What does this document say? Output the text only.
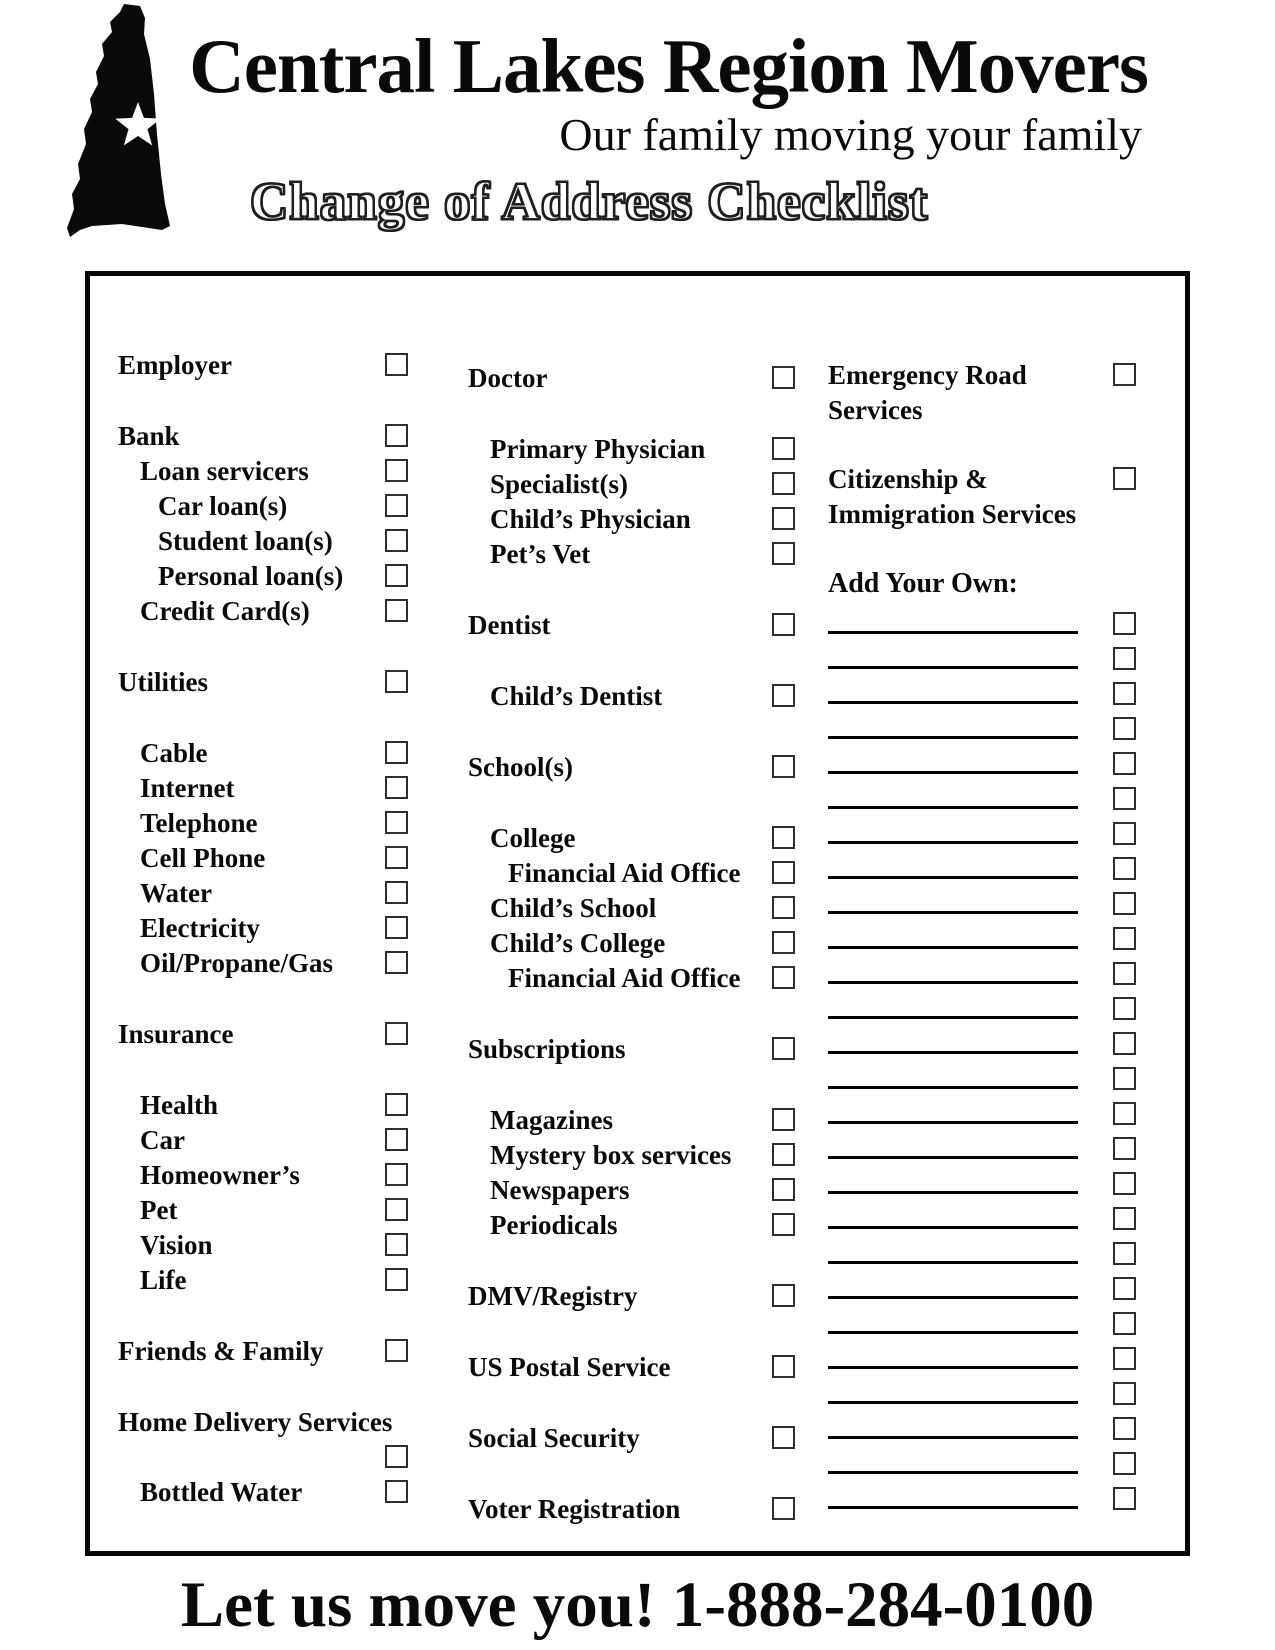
Central Lakes Region Movers
Our family moving your family
Change of Address Checklist
Employer
Bank
Loan servicers
Car loan(s)
Student loan(s)
Personal loan(s)
Credit Card(s)
Utilities
Cable
Internet
Telephone
Cell Phone
Water
Electricity
Oil/Propane/Gas
Insurance
Health
Car
Homeowner’s
Pet
Vision
Life
Friends & Family
Home Delivery Services
Bottled Water
Doctor
Primary Physician
Specialist(s)
Child’s Physician
Pet’s Vet
Dentist
Child’s Dentist
School(s)
College
Financial Aid Office
Child’s School
Child’s College
Financial Aid Office
Subscriptions
Magazines
Mystery box services
Newspapers
Periodicals
DMV/Registry
US Postal Service
Social Security
Voter Registration
Emergency Road Services
Citizenship & Immigration Services
Add Your Own:
Let us move you! 1-888-284-0100
